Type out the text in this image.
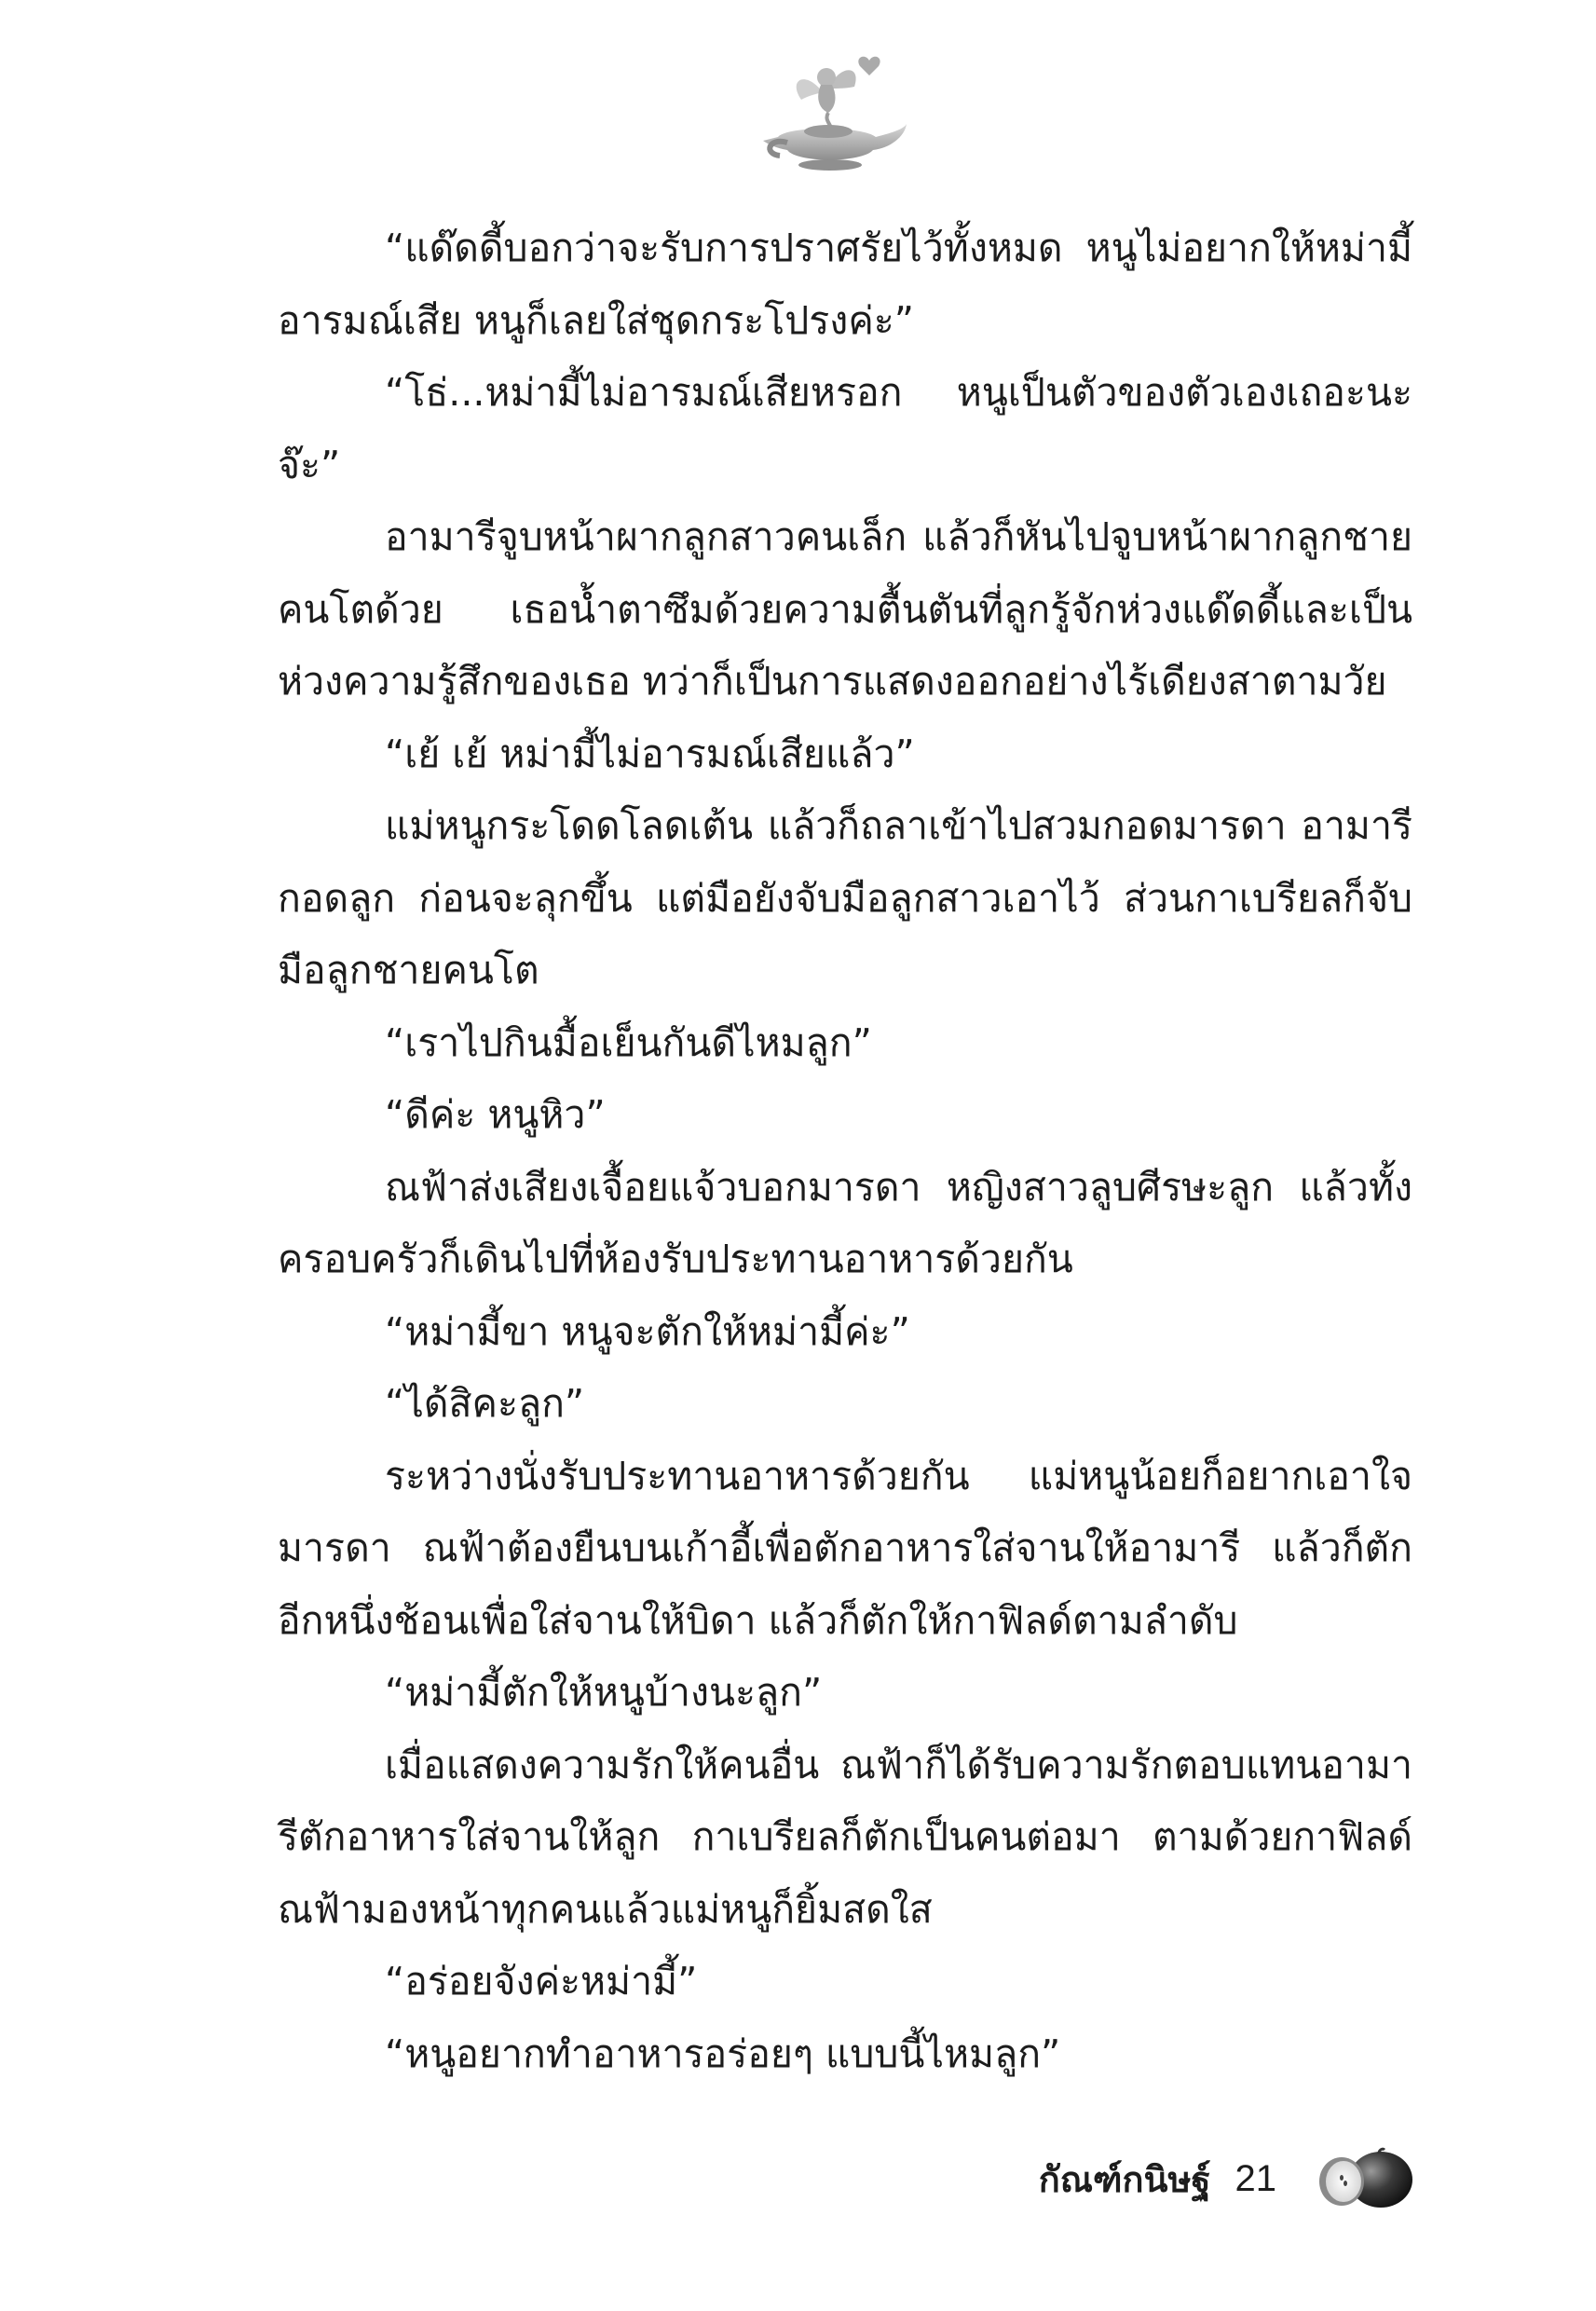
“แด๊ดดี้บอกว่าจะรับการปราศรัยไว้ทั้งหมด หนูไม่อยากให้หม่ามี้อารมณ์เสีย หนูก็เลยใส่ชุดกระโปรงค่ะ”

“โธ่...หม่ามี้ไม่อารมณ์เสียหรอก หนูเป็นตัวของตัวเองเถอะนะจ๊ะ”

อามารีจูบหน้าผากลูกสาวคนเล็ก แล้วก็หันไปจูบหน้าผากลูกชายคนโตด้วย เธอน้ำตาซึมด้วยความตื้นตันที่ลูกรู้จักห่วงแด๊ดดี้และเป็นห่วงความรู้สึกของเธอ ทว่าก็เป็นการแสดงออกอย่างไร้เดียงสาตามวัย

“เย้ เย้ หม่ามี้ไม่อารมณ์เสียแล้ว”

แม่หนูกระโดดโลดเต้น แล้วก็ถลาเข้าไปสวมกอดมารดา อามารีกอดลูก ก่อนจะลุกขึ้น แต่มือยังจับมือลูกสาวเอาไว้ ส่วนกาเบรียลก็จับมือลูกชายคนโต

“เราไปกินมื้อเย็นกันดีไหมลูก”

“ดีค่ะ หนูหิว”

ณฟ้าส่งเสียงเจื้อยแจ้วบอกมารดา หญิงสาวลูบศีรษะลูก แล้วทั้งครอบครัวก็เดินไปที่ห้องรับประทานอาหารด้วยกัน

“หม่ามี้ขา หนูจะตักให้หม่ามี้ค่ะ”

“ได้สิคะลูก”

ระหว่างนั่งรับประทานอาหารด้วยกัน แม่หนูน้อยก็อยากเอาใจมารดา ณฟ้าต้องยืนบนเก้าอี้เพื่อตักอาหารใส่จานให้อามารี แล้วก็ตักอีกหนึ่งช้อนเพื่อใส่จานให้บิดา แล้วก็ตักให้กาฟิลด์ตามลำดับ

“หม่ามี้ตักให้หนูบ้างนะลูก”

เมื่อแสดงความรักให้คนอื่น ณฟ้าก็ได้รับความรักตอบแทนอามารีตักอาหารใส่จานให้ลูก กาเบรียลก็ตักเป็นคนต่อมา ตามด้วยกาฟิลด์ ณฟ้ามองหน้าทุกคนแล้วแม่หนูก็ยิ้มสดใส

“อร่อยจังค่ะหม่ามี้”

“หนูอยากทำอาหารอร่อยๆ แบบนี้ไหมลูก”

กัณฑ์กนิษฐ์ 21
